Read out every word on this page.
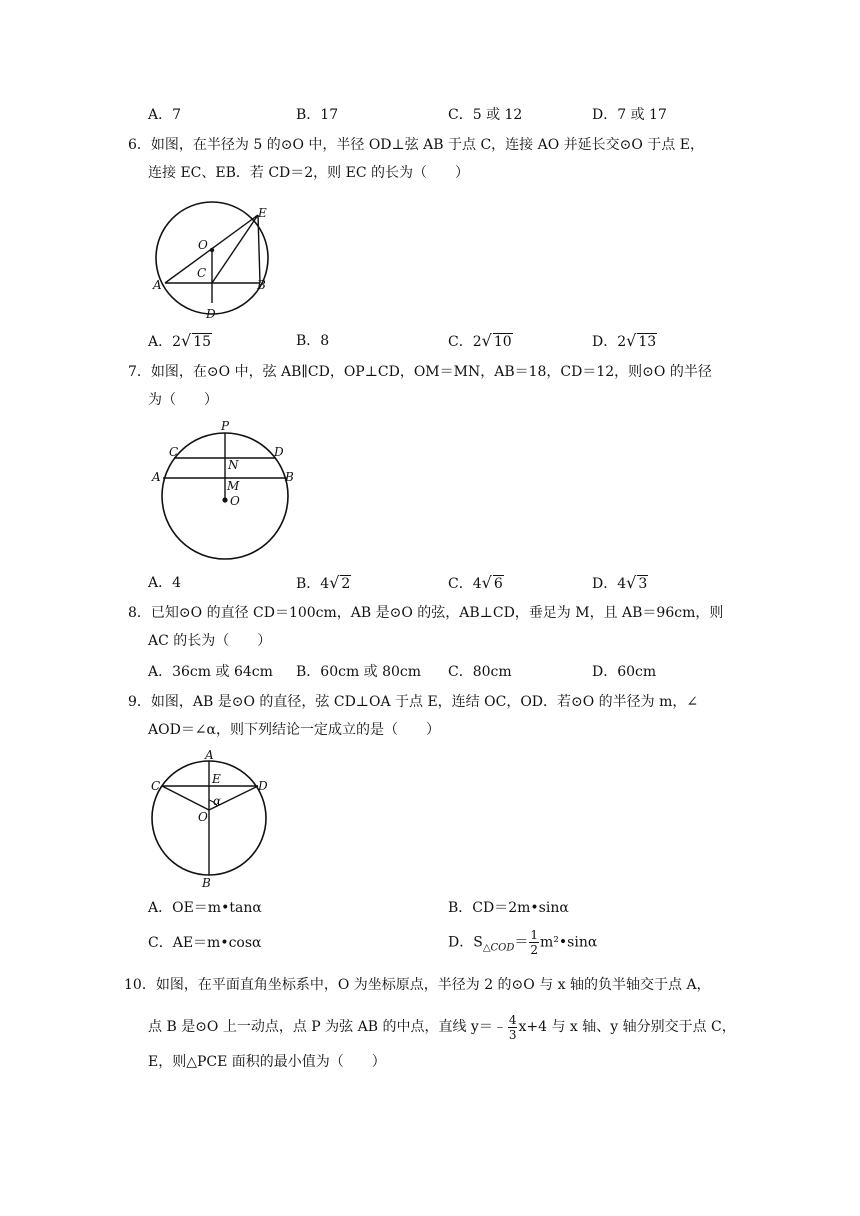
A．7	B．17	C．5 或 12	D．7 或 17
6．如图，在半径为 5 的⊙O 中，半径 OD⊥弦 AB 于点 C，连接 AO 并延长交⊙O 于点 E，
连接 EC、EB．若 CD＝2，则 EC 的长为（　　）
O
C
A	B
D
E
A．2√ 15	B．8	C．2√ 10	D．2√ 13
7．如图，在⊙O 中，弦 AB∥CD，OP⊥CD，OM＝MN，AB＝18，CD＝12，则⊙O 的半径
为（　　）
P
C	D
N
A	B
M
O
A．4	B．4√ 2	C．4√ 6	D．4√ 3
8．已知⊙O 的直径 CD＝100cm，AB 是⊙O 的弦，AB⊥CD，垂足为 M，且 AB＝96cm，则
AC 的长为（　　）
A．36cm 或 64cm B．60cm 或 80cm C．80cm	D．60cm
9．如图，AB 是⊙O 的直径，弦 CD⊥OA 于点 E，连结 OC，OD．若⊙O 的半径为 m，∠
AOD＝∠α，则下列结论一定成立的是（　　）
A
E
C	D
α
O
B
A．OE＝m•tanα	B．CD＝2m•sinα
C．AE＝m•cosα	D．$S_{\triangle COD}= \frac{1}{2}$ m²•sinα
10．如图，在平面直角坐标系中，O 为坐标原点，半径为 2 的⊙O 与 x 轴的负半轴交于点 A，
点 B 是⊙O 上一动点，点 P 为弦 AB 的中点，直线 y＝﹣ $\frac{4}{3} x+4$ 与 x 轴、y 轴分别交于点 C，
E，则△PCE 面积的最小值为（　　）
